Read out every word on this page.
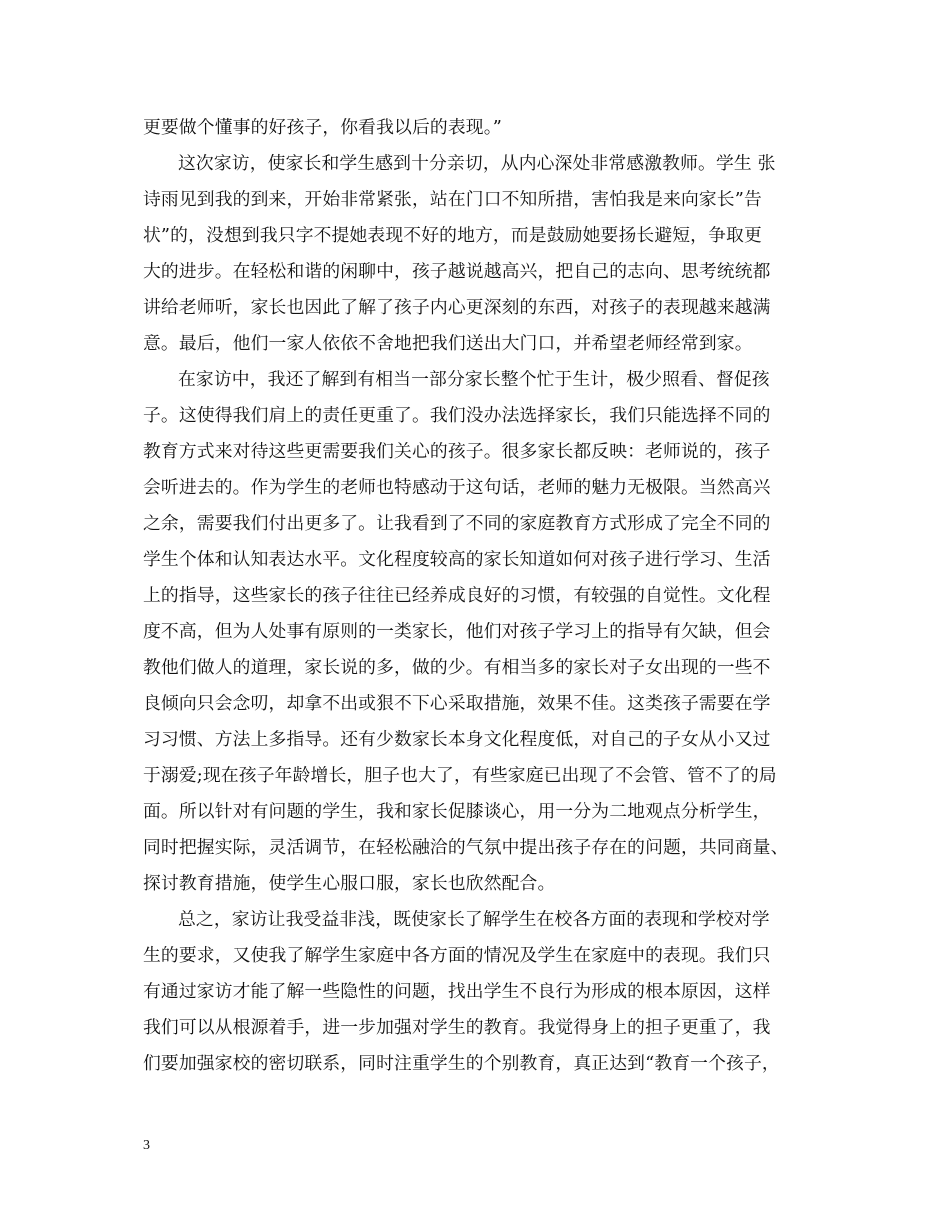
更要做个懂事的好孩子，你看我以后的表现。”
这次家访，使家长和学生感到十分亲切，从内心深处非常感激教师。学生 张
诗雨见到我的到来，开始非常紧张，站在门口不知所措，害怕我是来向家长”告
状”的，没想到我只字不提她表现不好的地方，而是鼓励她要扬长避短，争取更
大的进步。在轻松和谐的闲聊中，孩子越说越高兴，把自己的志向、思考统统都
讲给老师听，家长也因此了解了孩子内心更深刻的东西，对孩子的表现越来越满
意。最后，他们一家人依依不舍地把我们送出大门口，并希望老师经常到家。
在家访中，我还了解到有相当一部分家长整个忙于生计，极少照看、督促孩
子。这使得我们肩上的责任更重了。我们没办法选择家长，我们只能选择不同的
教育方式来对待这些更需要我们关心的孩子。很多家长都反映：老师说的，孩子
会听进去的。作为学生的老师也特感动于这句话，老师的魅力无极限。当然高兴
之余，需要我们付出更多了。让我看到了不同的家庭教育方式形成了完全不同的
学生个体和认知表达水平。文化程度较高的家长知道如何对孩子进行学习、生活
上的指导，这些家长的孩子往往已经养成良好的习惯，有较强的自觉性。文化程
度不高，但为人处事有原则的一类家长，他们对孩子学习上的指导有欠缺，但会
教他们做人的道理，家长说的多，做的少。有相当多的家长对子女出现的一些不
良倾向只会念叨，却拿不出或狠不下心采取措施，效果不佳。这类孩子需要在学
习习惯、方法上多指导。还有少数家长本身文化程度低，对自己的子女从小又过
于溺爱;现在孩子年龄增长，胆子也大了，有些家庭已出现了不会管、管不了的局
面。所以针对有问题的学生，我和家长促膝谈心，用一分为二地观点分析学生，
同时把握实际，灵活调节，在轻松融洽的气氛中提出孩子存在的问题，共同商量、
探讨教育措施，使学生心服口服，家长也欣然配合。
总之，家访让我受益非浅，既使家长了解学生在校各方面的表现和学校对学
生的要求，又使我了解学生家庭中各方面的情况及学生在家庭中的表现。我们只
有通过家访才能了解一些隐性的问题，找出学生不良行为形成的根本原因，这样
我们可以从根源着手，进一步加强对学生的教育。我觉得身上的担子更重了，我
们要加强家校的密切联系，同时注重学生的个别教育，真正达到“教育一个孩子，
3
